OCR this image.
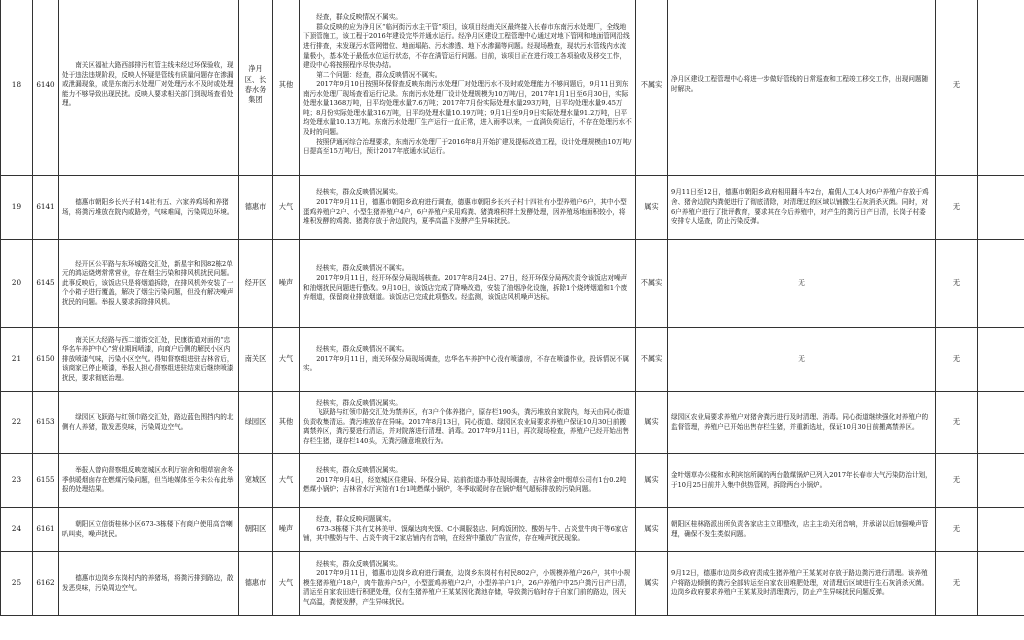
18	6140	南关区福祉大路西部排污杠管主线未经过环保验收，现处于违法违规阶段，反映人怀疑是管线有质量问题存在渗漏或泄漏现象，或是东南污水处理厂对处理污水不及时或处理能力不够导致出现民扰。反映人要求相关部门到现场查看处理。	净月区、长春水务集团	其他	经查，群众反映情况不属实。

群众反映的应为净月区“临河街污水主干管”项目，该项目经南关区最终接入长春市东南污水处理厂，全线地下顶管施工，该工程于2016年建设完毕并通水运行。经净月区建设工程管理中心通过对地下管网和地面管网沿线进行排查，未发现污水管网错位、地面塌陷、污水渗透、地下水渗漏等问题。经现场勘查，现状污水管线内水流量极小，基本处于最低水位运行状态，不存在满管运行问题。目前，该项目正在进行竣工各项验收及移交工作，建设中心将按照程序尽快办结。

第二个问题：经查，群众反映情况不属实。

2017年9月10日按照环保督查反映东南污水处理厂对处理污水不及时或处理能力不够问题后，9月11日到东南污水处理厂现场查看运行记录。东南污水处理厂设计处理规模为10万吨/日，2017年1月1日至6月30日，实际处理水量1368万吨，日平均处理水量7.6万吨；2017年7月份实际处理水量293万吨，日平均处理水量9.45万吨；8月份实际处理水量316万吨，日平均处理水量10.19万吨；9月1日至9月9日实际处理水量91.2万吨，日平均处理水量10.13万吨。东南污水处理厂生产运行一直正常，进入雨季以来，一直满负荷运行，不存在处理污水不及时的问题。

按照伊通河综合治理要求，东南污水处理厂于2016年8月开始扩建及提标改造工程，设计处理规模由10万吨/日提高至15万吨/日，预计2017年底通水试运行。	不属实	净月区建设工程管理中心将进一步做好管线的日常巡查和工程竣工移交工作，出现问题随时解决。	无	
19	6141	德惠市朝阳乡长兴子村14社有五、六家养鸡场和养猪场，将粪污堆放在院内或路旁，气味难闻，污染周边环境。	德惠市	大气	经核实，群众反映情况属实。

2017年9月11日，德惠市朝阳乡政府进行调查，德惠市朝阳乡长兴子村十四社有小型养殖户6户，其中小型蛋鸡养殖户2户、小型生猪养殖户4户，6户养殖户采用鸡粪、猪粪堆积拌土发酵处理，因养殖场地面积较小，将堆积发酵的鸡粪、猪粪存放于舍边院内，夏季高温下发酵产生异味扰民。	属实	9月11日至12日，德惠市朝阳乡政府相用翻斗车2台，雇佣人工4人对6户养殖户存放于鸡舍、猪舍边院内粪便进行了彻底清除，对清理过的区域以铺撒生石灰消杀灭菌。同时，对6户养殖户进行了批评教育，要求其在今后养殖中，对产生的粪污日产日清，长岗子村委安排专人巡查，防止污染反弹。	无	
20	6145	经开区公平路与东环城路交汇处，新星宇和园82栋2单元的鸿运烧烤常常营业，存在烟尘污染和排风机扰民问题。此事反映后，该饭店只是将烟道拆除，在排风机外安装了一个小箱子进行覆盖，解决了烟尘污染问题，但没有解决噪声扰民的问题。举报人要求拆除排风机。	经开区	噪声	经核实，群众反映情况不属实。

2017年9月11日，经开环保分局现场核查。2017年8月24日、27日，经开环保分局两次责令该饭店对噪声和油烟扰民问题进行整改。9月10日，该饭店完成了降噪改造，安装了油烟净化设施，拆除1个烧烤烟道和1个废弃烟道，保留商业排放烟道。该饭店已完成此项整改。经监测，该饭店风机噪声达标。	不属实	无	无	
21	6150	南关区大经路与西二道街交汇处，民康街道对面的“忠华名车养护中心”营业期间喷漆，向商户后侧的解民小区内排放喷漆气味，污染小区空气。得知督察组进驻吉林省后，该商家已停止喷漆，举报人担心督察组进驻结束后继续喷漆扰民，要求彻底治理。	南关区	大气	经核实，群众反映情况不属实。

2017年9月11日，南关环保分局现场调查，忠华名车养护中心没有喷漆房，不存在喷漆作业，投诉情况不属实。	不属实	无	无	
22	6153	绿园区飞跃路与红领巾路交汇处，路边蓝色围挡内的北侧有人养猪，散发恶臭味，污染周边空气。	绿园区	其他	经核实，群众反映情况属实。

飞跃路与红领巾路交汇处为禁养区，有3户个体养猪户，原存栏190头，粪污堆放自家院内，每天由同心街道负责收集清运。粪污堆放存在异味。2017年8月13日，同心街道、绿园区农业局要求养殖户保证10月30日前搬离禁养区，粪污要进行清运，并对院落进行清理、消毒。2017年9月11日，再次现场检查，养殖户已经开始出售存栏生猪，现存栏140头，无粪污随意堆放行为。	属实	绿园区农业局要求养殖户对猪舍粪污进行及时清理、消毒。同心街道继续强化对养殖户的监督管理，养殖户已开始出售存栏生猪，并重新选址，保证10月30日前搬离禁养区。	无	
23	6155	举报人曾向督察组反映宽城区水利厅宿舍和烟草宿舍冬季供暖烟囱存在燃煤污染问题，但当地媒体至今未公布此举报的处理结果。	宽城区	大气	经核实，群众反映情况属实。

2017年9月4日，经宽城区住建局、环保分局、站前街道办事处现场调查，吉林省金叶烟草公司有1台0.2吨燃煤小锅炉；吉林省水厅宾馆有1台1吨燃煤小锅炉，冬季取暖时存在锅炉烟气超标排放的污染问题。	属实	金叶烟草办公楼和水利宾馆所属的两台散煤锅炉已列入2017年长春市大气污染防治计划，于10月25日前并入集中供热管网，拆除两台小锅炉。	无	
24	6161	朝阳区立信街桂林小区673-3栋楼下有商户使用高音喇叭叫卖，噪声扰民。	朝阳区	噪声	经查，群众反映问题属实。

673-3栋楼下共有艾林美甲、馍爆达肉夹馍、C小调服装店、阿鸡饭团饺、酸奶与牛、占炎堂牛肉干等6家店铺，其中酸奶与牛、占炎牛肉干2家店铺内有音响，在经营中播放广告宣传，存在噪声扰民现象。	属实	朝阳区桂林路派出所负责各家店主立即整改，店主主动关闭音响，并承诺以后加强噪声管理，确保不发生类似问题。	无	
25	6162	德惠市边岗乡东岗村内的养猪场，将粪污排到路边，散发恶臭味，污染周边空气。	德惠市	大气	经核实，群众反映情况属实。

2017年9月11日，德惠市边岗乡政府进行调查，边岗乡东岗村有村民802户，小规模养殖户26户，其中小规模生猪养殖户18户，肉牛散养户5户，小型蛋鸡养殖户2户，小型养羊户1户，26户养殖户中25户粪污日产日清，清运至自家农田进行积肥处理，仅有生猪养殖户王某某因化粪池存储，导致粪污临时存于自家门前的路边，因天气高温，粪便发酵，产生异味扰民。	属实	9月12日，德惠市边岗乡政府责成生猪养殖户王某某对存放于路边粪污进行清理。该养殖户将路边倾倒的粪污全部转运至自家农田堆肥处理，对清理后区域进行生石灰消杀灭菌。边岗乡政府要求养殖户王某某及时清理粪污，防止产生异味扰民问题反弹。	无	
